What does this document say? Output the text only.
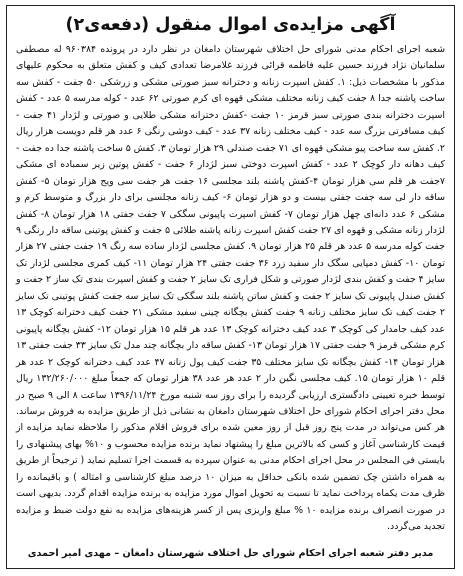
آگهی مزایده‌ی اموال منقول (دفعه‌ی۲)

شعبه اجرای احکام مدنی شورای حل اختلاف شهرستان دامغان در نظر دارد در پرونده ۹۶۰۳۸۴ له مصطفی سلمانیان نژاد فرزند حسین علیه فاطمه قرائی فرزند غلامرضا تعدادی کیف و کفش متعلق به محکوم علیهای مذکور با مشخصات ذیل: ۱. کفش اسپرت زنانه و دخترانه سبز صورتی مشکی و زرشکی ۵۰ جفت - کفش سه ساخت پاشنه جدا ۸ جفت کیف زنانه مختلف مشکی قهوه ای کرم صورتی ۶۲ عدد - کوله مدرسه ۵ عدد - کفش اسپرت دخترانه بندی صورتی سبز قرمز ۱۰ جفت -کفش دخترانه مشکی طلایی و صورتی و لژدار ۴۱ جفت - کیف مسافرتی بزرگ سه عدد - کیف مختلف زنانه ۳۷ عدد - کیف دوشی رنگی ۶ عدد هر قلم دویست هزار ریال ۲. کفش سه ساخت پیو مشکی قهوه ای ۷۱ جفت صندلی ۲۹ هزار تومان ۳. کفش ۵ ساخت پاشنه جدا ده جفت - کیف دهانه دار کوچک ۲ عدد - کفش اسپرت دوختی سبز لژدار ۶ جفت - کفش پوتین زیر سمباده ای مشکی ۷جفت هر قلم سی هزار تومان ۴-کفش پاشنه بلند مجلسی ۱۶ جفت هر جفت سی ویج هزار تومان ۵- کفش ساقه دار لی سه جفت جفتی بیست و دو هزار تومان ۶- کیف زنانه مجلسی برای دار بزرگ و متوسط کرم و مشکی ۶ عدد دانه‌ای چهل هزار تومان ۷- کفش اسپرت پاپیونی سگکی ۷ جفت جفتی ۱۸ هزار تومان ۸- کفش لژدار زنانه مشکی و قهوه ای ۲۷ جفت کفش اسپرت زنانه پاشنه طلائی ۵ جفت و کفش پوتینی ساقه دار رنگی ۹ جفت کوله مدرسه ۵ عدد هر قلم ۲۵ هزار تومان ۹. کفش مجلسی لژدار ساده سه رنگ ۱۹ جفت جفتی ۲۷ هزار تومان ۱۰- کفش دمپایی سگک دار سفید زرد ۳۶ جفت جفتی ۲۴ هزار تومان ۱۱- کیف کمری مجلسی لژدار تک سایز ۴ جفت و کفش بندی لژدار صورتی و شکل فراری تک سایز ۲ جفت و کفش اسپرت بندی تک ساز ۲ جفت و کفش صندل پاپیونی تک سایز ۲ جفت و کفش ساتن پاشنه بلند سگکی تک سایز سه جفت کفش پوتینی تک سایز ۲ جفت کیف تک سایز مختلف زنانه ۹ جفت کفش بچگانه چینی سفید مشکی ۲۱ جفت کیف دخترانه کوچک ۱۳ عدد کیف جامدار کی کوچک ۳ عدد کیف دخترانه کوچک ۱۳ عدد هر قلم ۱۵ هزار تومان ۱۲- کفش بچگانه پاپیونی کرم مشکی قرمز ۹ جفت جفتی ۱۷ هزار تومان ۱۳- کفش ساقه دار بچگانه چند مدل تک سایز ۳۳ جفت جفتی ۱۳ هزار تومان ۱۴- کفش بچگانه تک سایز مختلف ۳۵ جفت کیف پول زنانه ۴۷ عدد کیف دخترانه کوچک ۲ عدد هر قلم ۱۰ هزار تومان ۱۵. کیف مجلسی نگین دار ۲ عدد هر عدد ۳۸ هزار تومان که جمعاً مبلغ ۱۳۲/۲۶۰/۰۰۰ ریال توسط خبره تعیینی دادگستری ارزیابی گردیده را برای روز سه شنبه مورخ ۱۳۹۶/۱۱/۲۴ ساعت ۸ الی ۹ صبح در محل دفتر اجرای احکام شورای حل اختلاف شهرستان دامغان به نشانی ذیل از طریق مزایده به فروش برساند. هر کس می‌تواند در مدت پنج روز قبل از روز معین شده برای فروش اقلام مذکور را ملاحظه نماید مزایده از قیمت کارشناسی آغاز و کسی که بالاترین مبلغ را پیشنهاد نماید برنده مزایده محسوب و ۱۰% بهای پیشنهادی را بایستی فی المجلس در محل اجرای احکام مدنی به عنوان سپرده به قسمت اجرا تسلیم نماید ( ترجیحاً از طریق به همراه داشتن چک تضمین شده بانکی حداقل به میزان ۱۰ درصد مبلغ کارشناسی و امثاله ) و باقیمانده را ظرف مدت یکماه پرداخت نماید تا نسبت به تحویل اموال مورد مزایده به برنده مزایده اقدام گردد. بدیهی است در صورت انصراف برنده مزایده ۱۰ % مبلغ واریزی پس از کسر هزینه‌های مزایده به نفع دولت ضبط و مزایده تجدید می‌گردد.

مدیر دفتر شعبه اجرای احکام شورای حل اختلاف شهرستان دامغان – مهدی امیر احمدی
